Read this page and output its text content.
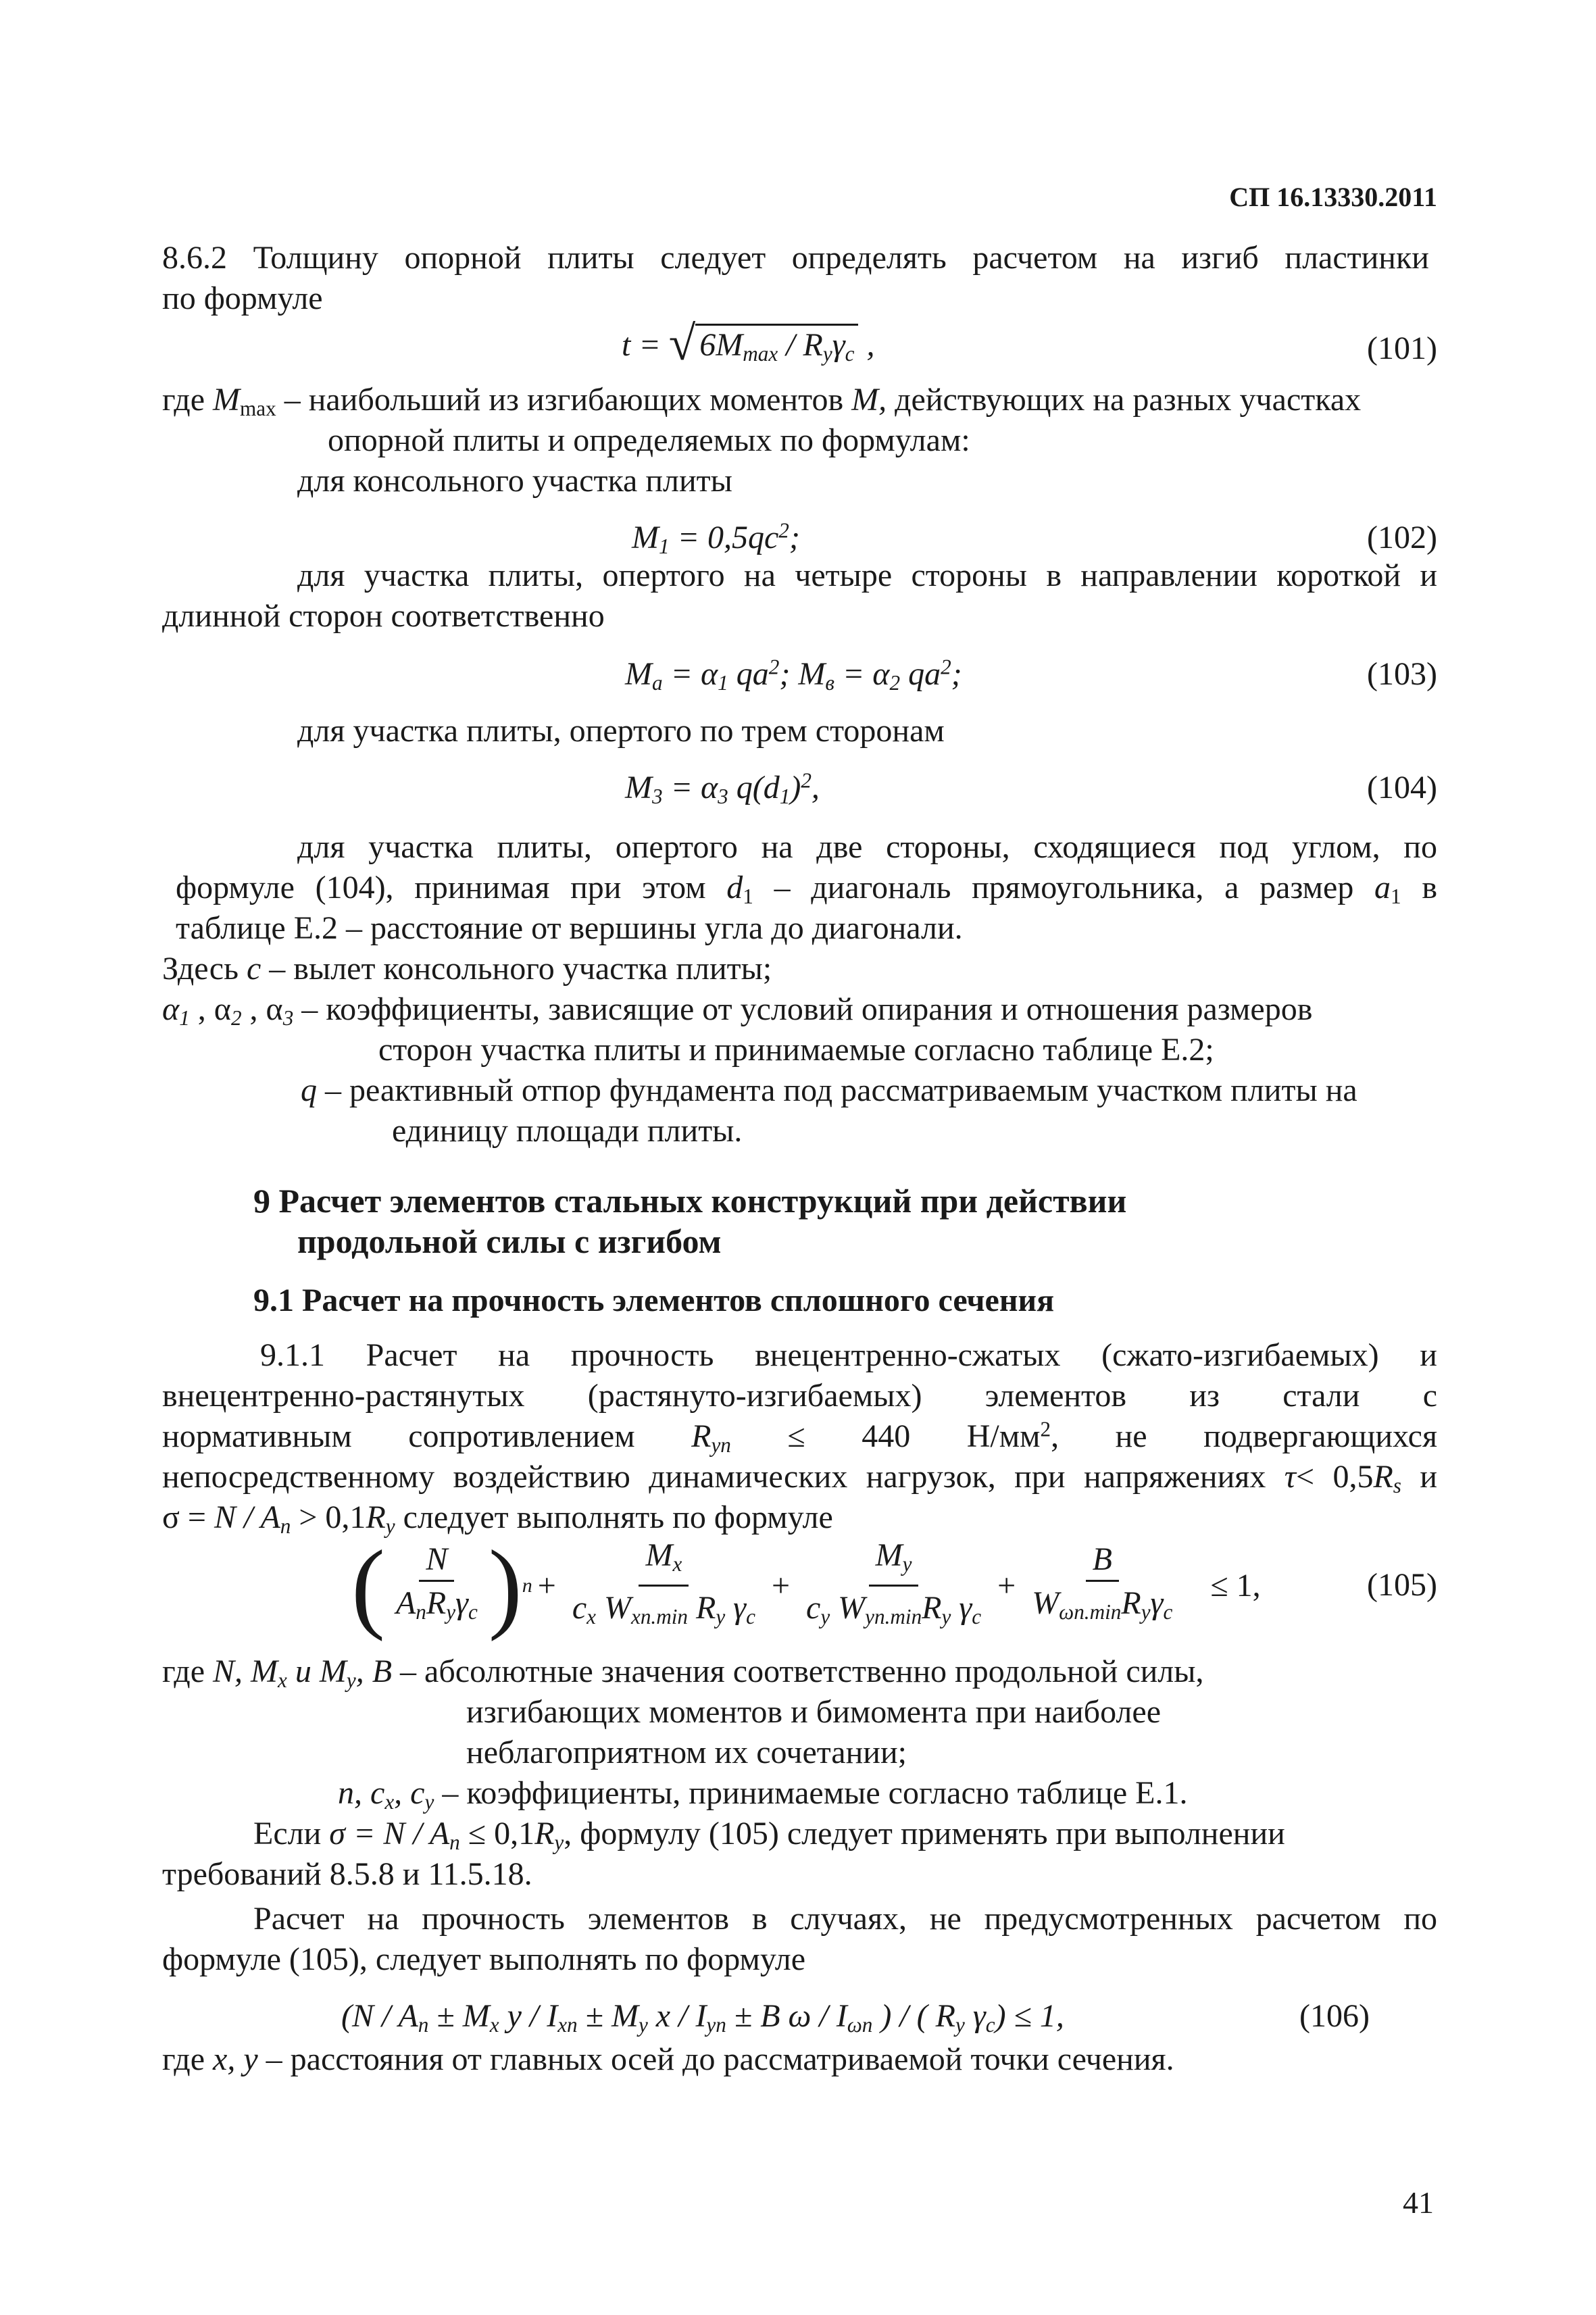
СП 16.13330.2011
8.6.2 Толщину опорной плиты следует определять расчетом на изгиб пластинки
по формуле
t = √ $6M_{max} / R_y\gamma_c$ ,	(101)
где $M_{max}$ – наибольший из изгибающих моментов M, действующих на разных участках
опорной плиты и определяемых по формулам:
для консольного участка плиты
$M_1 = 0,5qc^2$;	(102)
для участка плиты, опертого на четыре стороны в направлении короткой и
длинной сторон соответственно
$M_a = \alpha_1$ $qa^2$; $M_в = \alpha_2$ $qa^2$;	(103)
для участка плиты, опертого по трем сторонам
$M_3 = \alpha_3$ $q(d_1)^2$,	(104)
для участка плиты, опертого на две стороны, сходящиеся под углом, по
формуле (104), принимая при этом $d_1$ – диагональ прямоугольника, а размер $a_1$ в
таблице Е.2 – расстояние от вершины угла до диагонали.
Здесь c – вылет консольного участка плиты;
$\alpha_1$ , $\alpha_2$ , $\alpha_3$ – коэффициенты, зависящие от условий опирания и отношения размеров
сторон участка плиты и принимаемые согласно таблице Е.2;
q – реактивный отпор фундамента под рассматриваемым участком плиты на
единицу площади плиты.
9 Расчет элементов стальных конструкций при действии
продольной силы с изгибом
9.1 Расчет на прочность элементов сплошного сечения
9.1.1 Расчет на прочность внецентренно-сжатых (сжато-изгибаемых) и
внецентренно-растянутых (растянуто-изгибаемых) элементов из стали с
нормативным сопротивлением $R_{yn} \le 440$ $Н/мм^2$, не подвергающихся
непосредственному воздействию динамических нагрузок, при напряжениях $\tau< 0,5R_s$ и
$\sigma = N / A_n > 0,1R_y$ следует выполнять по формуле
( $\frac{N}{A_nR_y\gamma_c}$ ) $n + \frac{M_x}{c_x W_{xn.min} R_y \gamma_c} + \frac{M_y}{c_y W_{yn.min}R_y \gamma_c} + \frac{B}{W_{\omega n.min}R_y\gamma_c} \le 1$,	(105)
где N, $M_x$ и $M_y$, B – абсолютные значения соответственно продольной силы,
изгибающих моментов и бимомента при наиболее
неблагоприятном их сочетании;
n, $c_x$, $c_y$ – коэффициенты, принимаемые согласно таблице Е.1.
Если $\sigma = N / A_n \le 0,1R_y$, формулу (105) следует применять при выполнении
требований 8.5.8 и 11.5.18.
Расчет на прочность элементов в случаях, не предусмотренных расчетом по
формуле (105), следует выполнять по формуле
($N / A_n \pm M_x$ $y / I_{xn} \pm M_y$ $x / I_{yn} \pm B$ ω / $I_{\omega n}$ ) / ( $R_y$ $\gamma_c) \le 1$,	(106)
где x, y – расстояния от главных осей до рассматриваемой точки сечения.
41
